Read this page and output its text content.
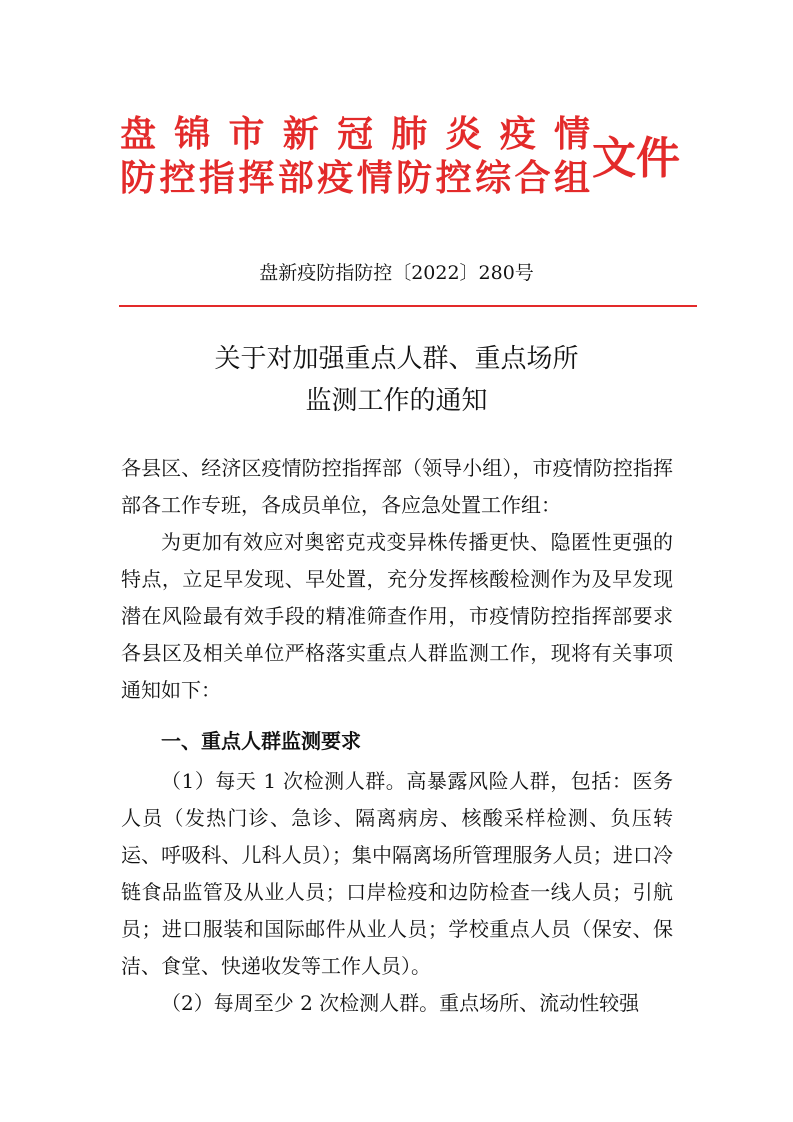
盘锦市新冠肺炎疫情
防控指挥部疫情防控综合组 文件
盘新疫防指防控〔2022〕280号
关于对加强重点人群、重点场所
监测工作的通知

各县区、经济区疫情防控指挥部（领导小组），市疫情防控指挥部各工作专班，各成员单位，各应急处置工作组：

为更加有效应对奥密克戎变异株传播更快、隐匿性更强的 特点，立足早发现、早处置，充分发挥核酸检测作为及早发现潜在风险最有效手段的精准筛查作用，市疫情防控指挥部要求各县区及相关单位严格落实重点人群监测工作，现将有关事项通知如下：

一、重点人群监测要求

（1）每天 1 次检测人群。高暴露风险人群，包括：医务人员（发热门诊、急诊、隔离病房、核酸采样检测、负压转运、呼吸科、儿科人员）；集中隔离场所管理服务人员；进口冷链食品监管及从业人员；口岸检疫和边防检查一线人员；引航员；进口服装和国际邮件从业人员；学校重点人员（保安、保洁、食堂、快递收发等工作人员）。

（2）每周至少 2 次检测人群。重点场所、流动性较强
